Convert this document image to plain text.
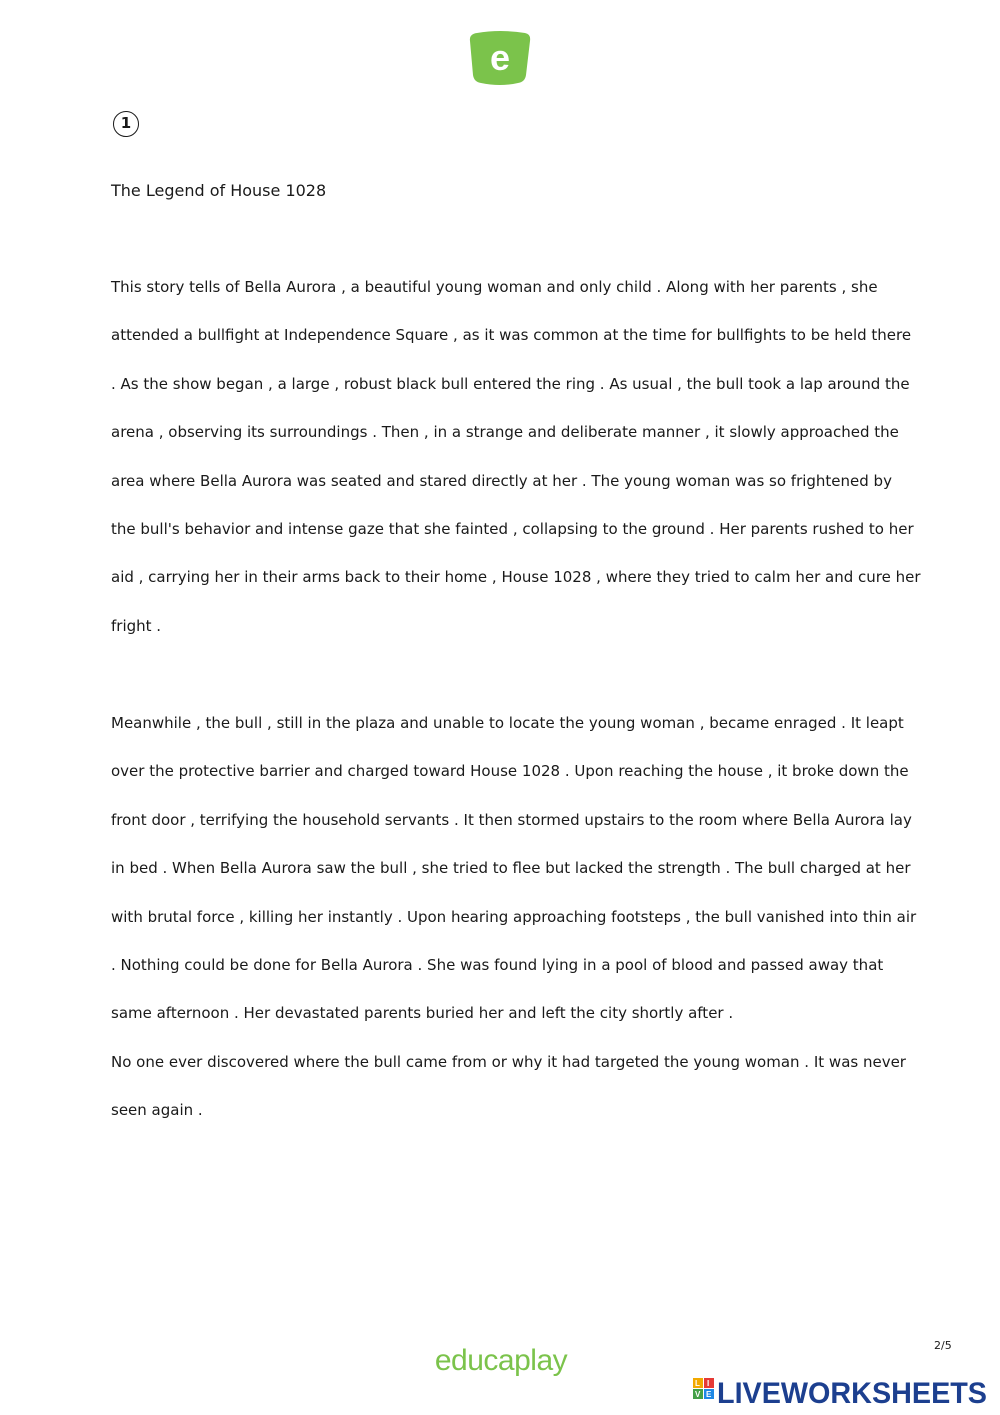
e
1
The Legend of House 1028
This story tells of Bella Aurora , a beautiful young woman and only child . Along with her parents , she
attended a bullfight at Independence Square , as it was common at the time for bullfights to be held there
. As the show began , a large , robust black bull entered the ring . As usual , the bull took a lap around the
arena , observing its surroundings . Then , in a strange and deliberate manner , it slowly approached the
area where Bella Aurora was seated and stared directly at her . The young woman was so frightened by
the bull's behavior and intense gaze that she fainted , collapsing to the ground . Her parents rushed to her
aid , carrying her in their arms back to their home , House 1028 , where they tried to calm her and cure her
fright .
Meanwhile , the bull , still in the plaza and unable to locate the young woman , became enraged . It leapt
over the protective barrier and charged toward House 1028 . Upon reaching the house , it broke down the
front door , terrifying the household servants . It then stormed upstairs to the room where Bella Aurora lay
in bed . When Bella Aurora saw the bull , she tried to flee but lacked the strength . The bull charged at her
with brutal force , killing her instantly . Upon hearing approaching footsteps , the bull vanished into thin air
. Nothing could be done for Bella Aurora . She was found lying in a pool of blood and passed away that
same afternoon . Her devastated parents buried her and left the city shortly after .
No one ever discovered where the bull came from or why it had targeted the young woman . It was never
seen again .
2/5
educaplay
L I
V E LIVEWORKSHEETS
